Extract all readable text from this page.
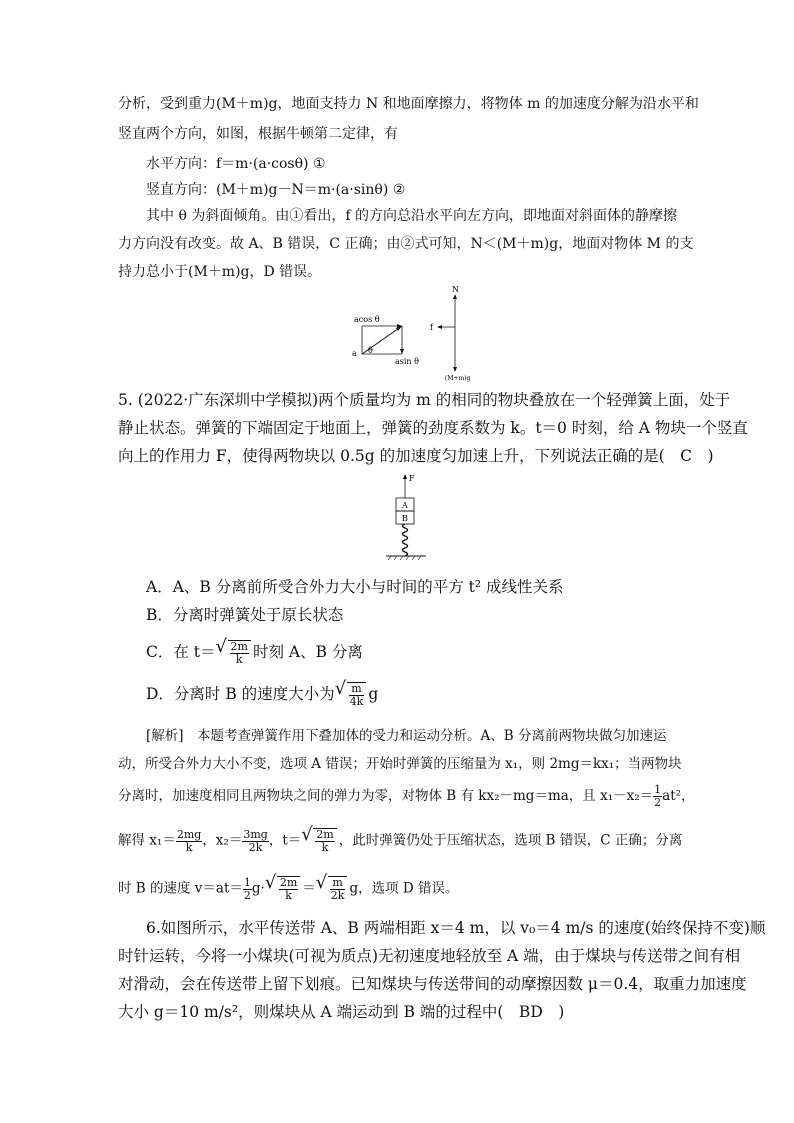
分析，受到重力(M＋m)g，地面支持力 N 和地面摩擦力，将物体 m 的加速度分解为沿水平和
竖直两个方向，如图，根据牛顿第二定律，有
水平方向：f＝m·(a·cosθ) ①
竖直方向：(M＋m)g－N＝m·(a·sinθ) ②
其中 θ 为斜面倾角。由①看出，f 的方向总沿水平向左方向，即地面对斜面体的静摩擦
力方向没有改变。故 A、B 错误，C 正确；由②式可知，N＜(M＋m)g，地面对物体 M 的支
持力总小于(M＋m)g，D 错误。
acos θ
a θ
asin θ
N
f
(M+m)g
5. (2022·广东深圳中学模拟)两个质量均为 m 的相同的物块叠放在一个轻弹簧上面，处于
静止状态。弹簧的下端固定于地面上，弹簧的劲度系数为 k。t＝0 时刻，给 A 物块一个竖直
向上的作用力 F，使得两物块以 0.5g 的加速度匀加速上升，下列说法正确的是(　C　)
F
A
B
A．A、B 分离前所受合外力大小与时间的平方 t² 成线性关系
B．分离时弹簧处于原长状态
C．在 t＝ √ $\frac{2m}{k}$ 时刻 A、B 分离
D．分离时 B 的速度大小为 √ $\frac{m}{4k}$ g
[解析]　本题考查弹簧作用下叠加体的受力和运动分析。A、B 分离前两物块做匀加速运
动，所受合外力大小不变，选项 A 错误；开始时弹簧的压缩量为 x₁，则 2mg＝kx₁；当两物块
分离时，加速度相同且两物块之间的弹力为零，对物体 B 有 kx₂－mg＝ma，且 $x_1-x_2= \frac{1}{2} at^2$，
解得 $x_1= \frac{2mg}{k}$ ，$x_2= \frac{3mg}{2k}$ ，t＝ √ $\frac{2m}{k}$ ，此时弹簧仍处于压缩状态，选项 B 错误，C 正确；分离
时 B 的速度 $v=at= \frac{1}{2} g\cdot$ √ $\frac{2m}{k}$ ＝ √ $\frac{m}{2k}$ g，选项 D 错误。
6.如图所示，水平传送带 A、B 两端相距 x＝4 m，以 v₀＝4 m/s 的速度(始终保持不变)顺
时针运转，今将一小煤块(可视为质点)无初速度地轻放至 A 端，由于煤块与传送带之间有相
对滑动，会在传送带上留下划痕。已知煤块与传送带间的动摩擦因数 μ＝0.4，取重力加速度
大小 g＝10 m/s²，则煤块从 A 端运动到 B 端的过程中(　BD　)
